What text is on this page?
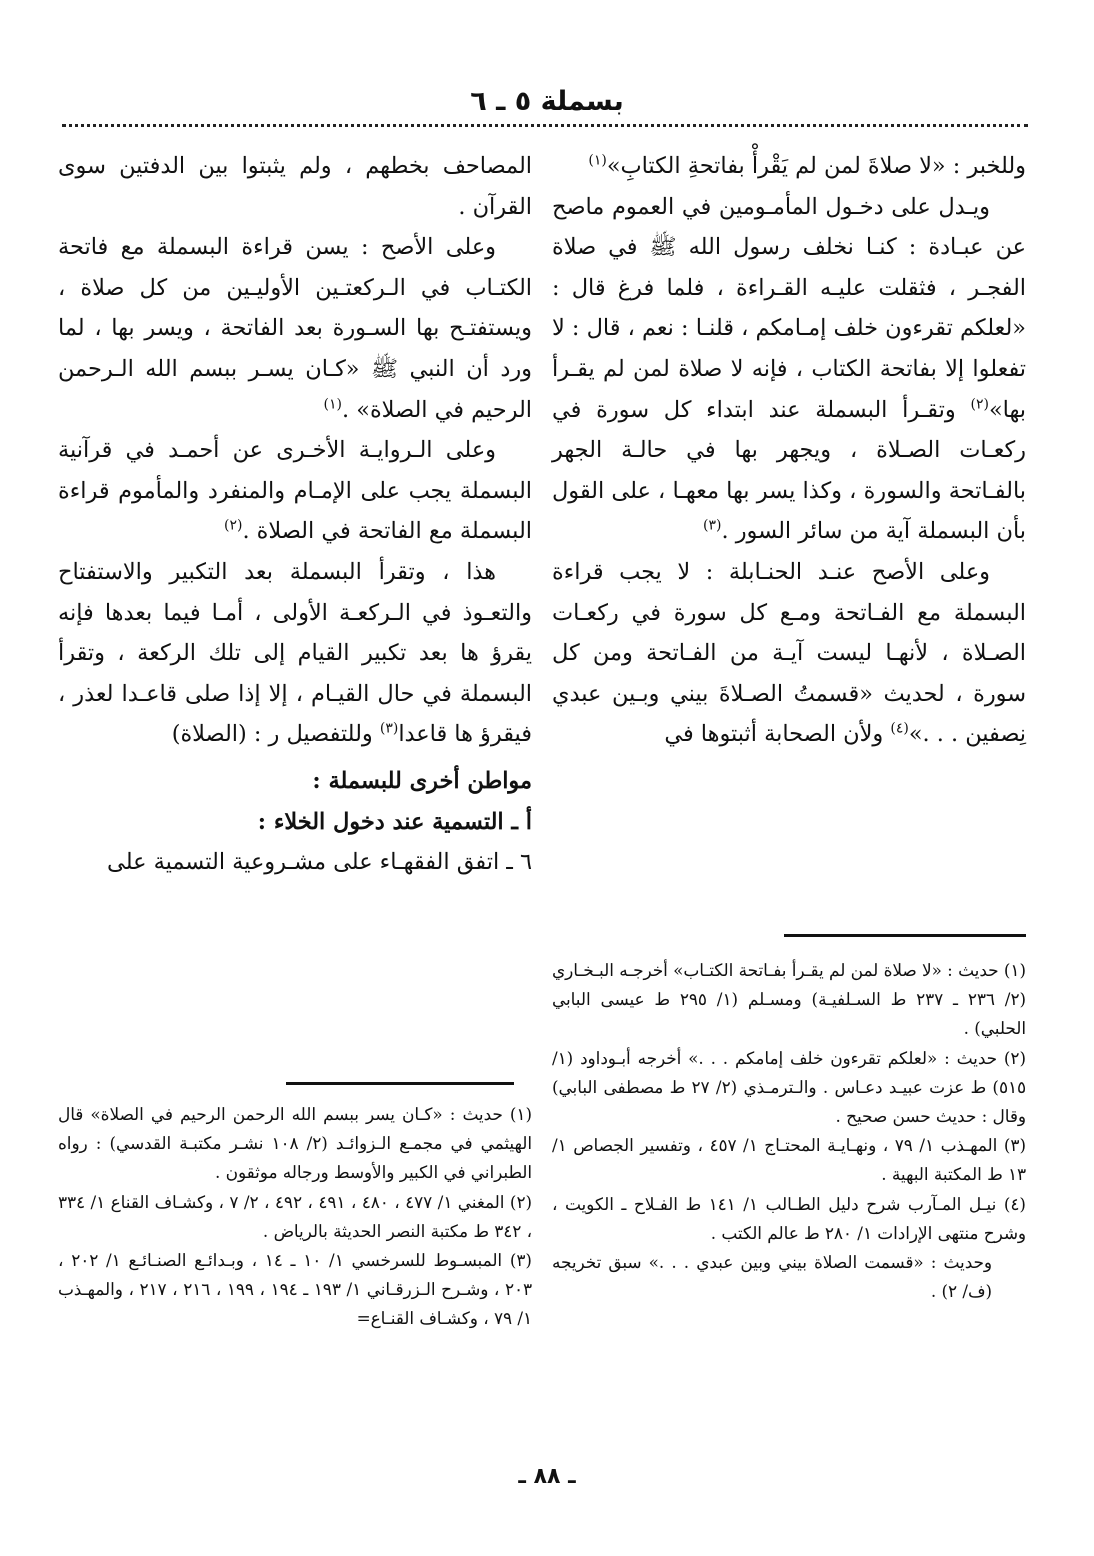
بسملة ٥ ـ ٦

وللخبر : «لا صلاةَ لمن لم يَقْرأْ بفاتحةِ الكتابِ»$^{(١)}$

ويـدل على دخـول المأمـومين في العموم ماصح عن عبـادة : كنـا نخلف رسول الله ﷺ في صلاة الفجـر ، فثقلت عليـه القـراءة ، فلما فرغ قال : «لعلكم تقرءون خلف إمـامكم ، قلنـا : نعم ، قال : لا تفعلوا إلا بفاتحة الكتاب ، فإنه لا صلاة لمن لم يقـرأ بها»$^{(٢)}$ وتقـرأ البسملة عند ابتداء كل سورة في ركعـات الصـلاة ، ويجهر بها في حالـة الجهر بالفـاتحة والسورة ، وكذا يسر بها معهـا ، على القول بأن البسملة آية من سائر السور .$^{(٣)}$

وعلى الأصح عنـد الحنـابلة : لا يجب قراءة البسملة مع الفـاتحة ومـع كل سورة في ركعـات الصـلاة ، لأنهـا ليست آيـة من الفـاتحة ومن كل سورة ، لحديث «قسمتُ الصـلاةَ بيني وبـين عبدي نِصفين . . .»$^{(٤)}$ ولأن الصحابة أثبتوها في

المصاحف بخطهم ، ولم يثبتوا بين الدفتين سوى القرآن .

وعلى الأصح : يسن قراءة البسملة مع فاتحة الكتـاب في الـركعتـين الأوليـين من كل صلاة ، ويستفتـح بها السـورة بعد الفاتحة ، ويسر بها ، لما ورد أن النبي ﷺ «كـان يسـر ببسم الله الـرحمن الرحيم في الصلاة» .$^{(١)}$

وعلى الـروايـة الأخـرى عن أحمـد في قرآنية البسملة يجب على الإمـام والمنفرد والمأموم قراءة البسملة مع الفاتحة في الصلاة .$^{(٢)}$

هذا ، وتقرأ البسملة بعد التكبير والاستفتاح والتعـوذ في الـركعـة الأولى ، أمـا فيما بعدها فإنه يقرؤ ها بعد تكبير القيام إلى تلك الركعة ، وتقرأ البسملة في حال القيـام ، إلا إذا صلى قاعـدا لعذر ، فيقرؤ ها قاعدا$^{(٣)}$ وللتفصيل ر : (الصلاة)

مواطن أخرى للبسملة :

أ ـ التسمية عند دخول الخلاء :

٦ ـ اتفق الفقهـاء على مشـروعية التسمية على

(١) حديث : «لا صلاة لمن لم يقـرأ بفـاتحة الكتـاب» أخرجـه البـخـاري (٢/ ٢٣٦ ـ ٢٣٧ ط السـلفيـة) ومسـلم (١/ ٢٩٥ ط عيسى البابي الحلبي) .

(٢) حديث : «لعلكم تقرءون خلف إمامكم . . .» أخرجه أبـوداود (١/ ٥١٥) ط عزت عبيـد دعـاس . والـترمـذي (٢/ ٢٧ ط مصطفى البابي) وقال : حديث حسن صحيح .

(٣) المهـذب ١/ ٧٩ ، ونهـايـة المحتـاج ١/ ٤٥٧ ، وتفسير الجصاص ١/ ١٣ ط المكتبة البهية .

(٤) نيـل المـآرب شرح دليل الطـالب ١/ ١٤١ ط الفـلاح ـ الكويت ، وشرح منتهى الإرادات ١/ ٢٨٠ ط عالم الكتب .

وحديث : «قسمت الصلاة بيني وبين عبدي . . .» سبق تخريجه (ف/ ٢) .

(١) حديث : «كـان يسر ببسم الله الرحمن الرحيم في الصلاة» قال الهيثمي في مجمـع الـزوائـد (٢/ ١٠٨ نشـر مكتبـة القدسي) : رواه الطبراني في الكبير والأوسط ورجاله موثقون .

(٢) المغني ١/ ٤٧٧ ، ٤٨٠ ، ٤٩١ ، ٤٩٢ ، ٢/ ٧ ، وكشـاف القناع ١/ ٣٣٤ ، ٣٤٢ ط مكتبة النصر الحديثة بالرياض .

(٣) المبسـوط للسرخسي ١/ ١٠ ـ ١٤ ، وبـدائـع الصنـائـع ١/ ٢٠٢ ، ٢٠٣ ، وشـرح الـزرقـاني ١/ ١٩٣ ـ ١٩٤ ، ١٩٩ ، ٢١٦ ، ٢١٧ ، والمهـذب ١/ ٧٩ ، وكشـاف القنـاع=

ـ ٨٨ ـ
